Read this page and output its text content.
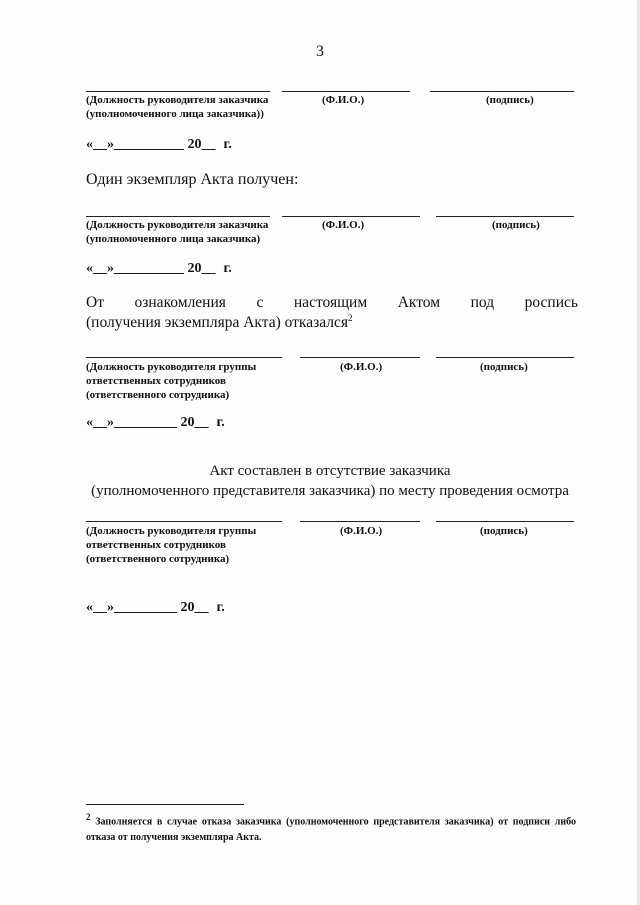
3
(Должность руководителя заказчика
(уполномоченного лица заказчика))
(Ф.И.О.)	(подпись)
«__»__________ 20__ г.
Один экземпляр Акта получен:
(Должность руководителя заказчика
(уполномоченного лица заказчика)
(Ф.И.О.)	(подпись)
«__»__________ 20__ г.
От ознакомления с настоящим Актом под роспись
(получения экземпляра Акта) отказался$^2$
(Должность руководителя группы
ответственных сотрудников
(ответственного сотрудника)
(Ф.И.О.)	(подпись)
«__»_________ 20__ г.
Акт составлен в отсутствие заказчика
(уполномоченного представителя заказчика) по месту проведения осмотра
(Должность руководителя группы
ответственных сотрудников
(ответственного сотрудника)
(Ф.И.О.)	(подпись)
«__»_________ 20__ г.
$^2$ Заполняется в случае отказа заказчика (уполномоченного представителя заказчика) от подписи либо отказа от получения экземпляра Акта.
